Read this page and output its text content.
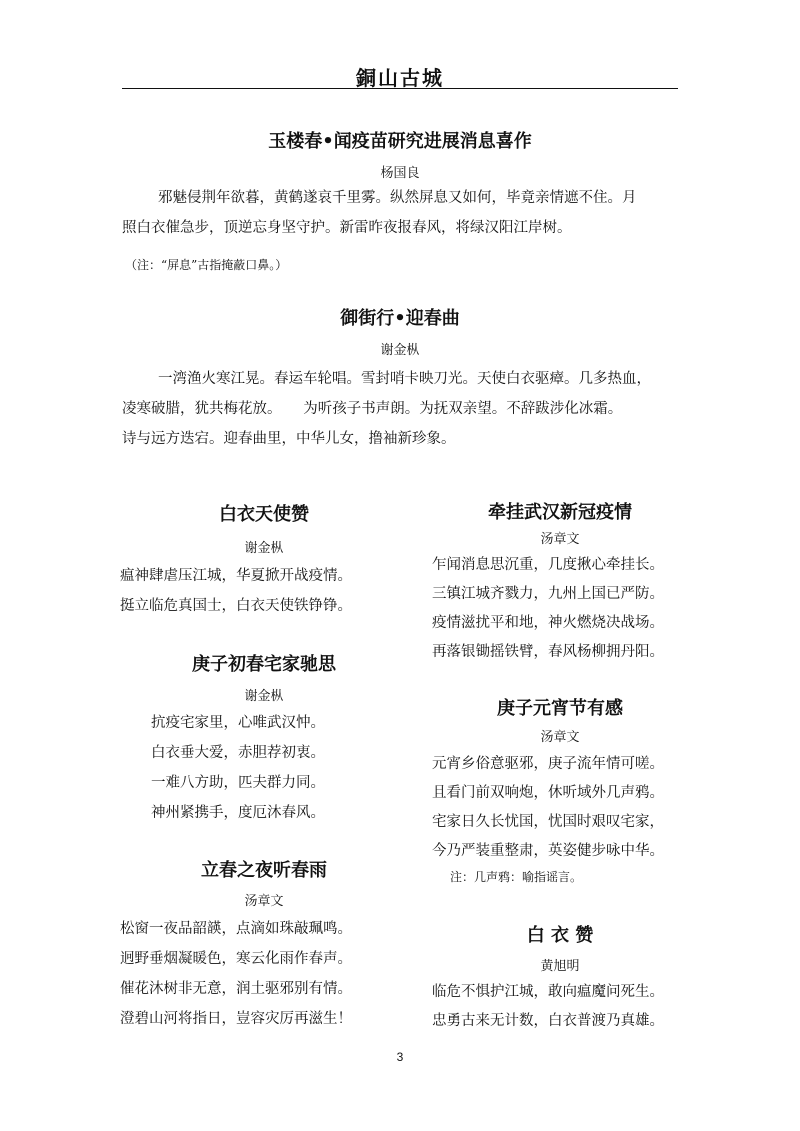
銅山古城
玉楼春•闻疫苗研究进展消息喜作
杨国良
邪魅侵荆年欲暮，黄鹤遂哀千里雾。纵然屏息又如何，毕竟亲情遮不住。月
照白衣催急步，顶逆忘身坚守护。新雷昨夜报春风，将绿汉阳江岸树。
（注：“屏息”古指掩蔽口鼻。）
御街行•迎春曲
谢金枞
一湾渔火寒江晃。春运车轮唱。雪封哨卡映刀光。天使白衣驱瘴。几多热血，
凌寒破腊，犹共梅花放。　　为听孩子书声朗。为抚双亲望。不辞跋涉化冰霜。
诗与远方迭宕。迎春曲里，中华儿女，撸袖新珍象。
白衣天使赞
谢金枞
瘟神肆虐压江城，华夏掀开战疫情。
挺立临危真国士，白衣天使铁铮铮。
庚子初春宅家驰思
谢金枞
抗疫宅家里，心唯武汉忡。
白衣垂大爱，赤胆荐初衷。
一难八方助，匹夫群力同。
神州紧携手，度厄沐春风。
立春之夜听春雨
汤章文
松窗一夜品韶韺，点滴如珠敲珮鸣。
迥野垂烟凝暖色，寒云化雨作春声。
催花沐树非无意，润土驱邪别有情。
澄碧山河将指日，豈容灾厉再滋生！
牵挂武汉新冠疫情
汤章文
乍闻消息思沉重，几度揪心牵挂长。
三镇江城齐戮力，九州上国已严防。
疫情滋扰平和地，神火燃烧决战场。
再落银锄摇铁臂，春风杨柳拥丹阳。
庚子元宵节有感
汤章文
元宵乡俗意驱邪，庚子流年情可嗟。
且看门前双响炮，休听域外几声鸦。
宅家日久长忧国，忧国时艰叹宅家，
今乃严装重整肃，英姿健步咏中华。
注：几声鸦：喻指谣言。
白 衣 赞
黄旭明
临危不惧护江城，敢向瘟魔问死生。
忠勇古来无计数，白衣普渡乃真雄。
3
